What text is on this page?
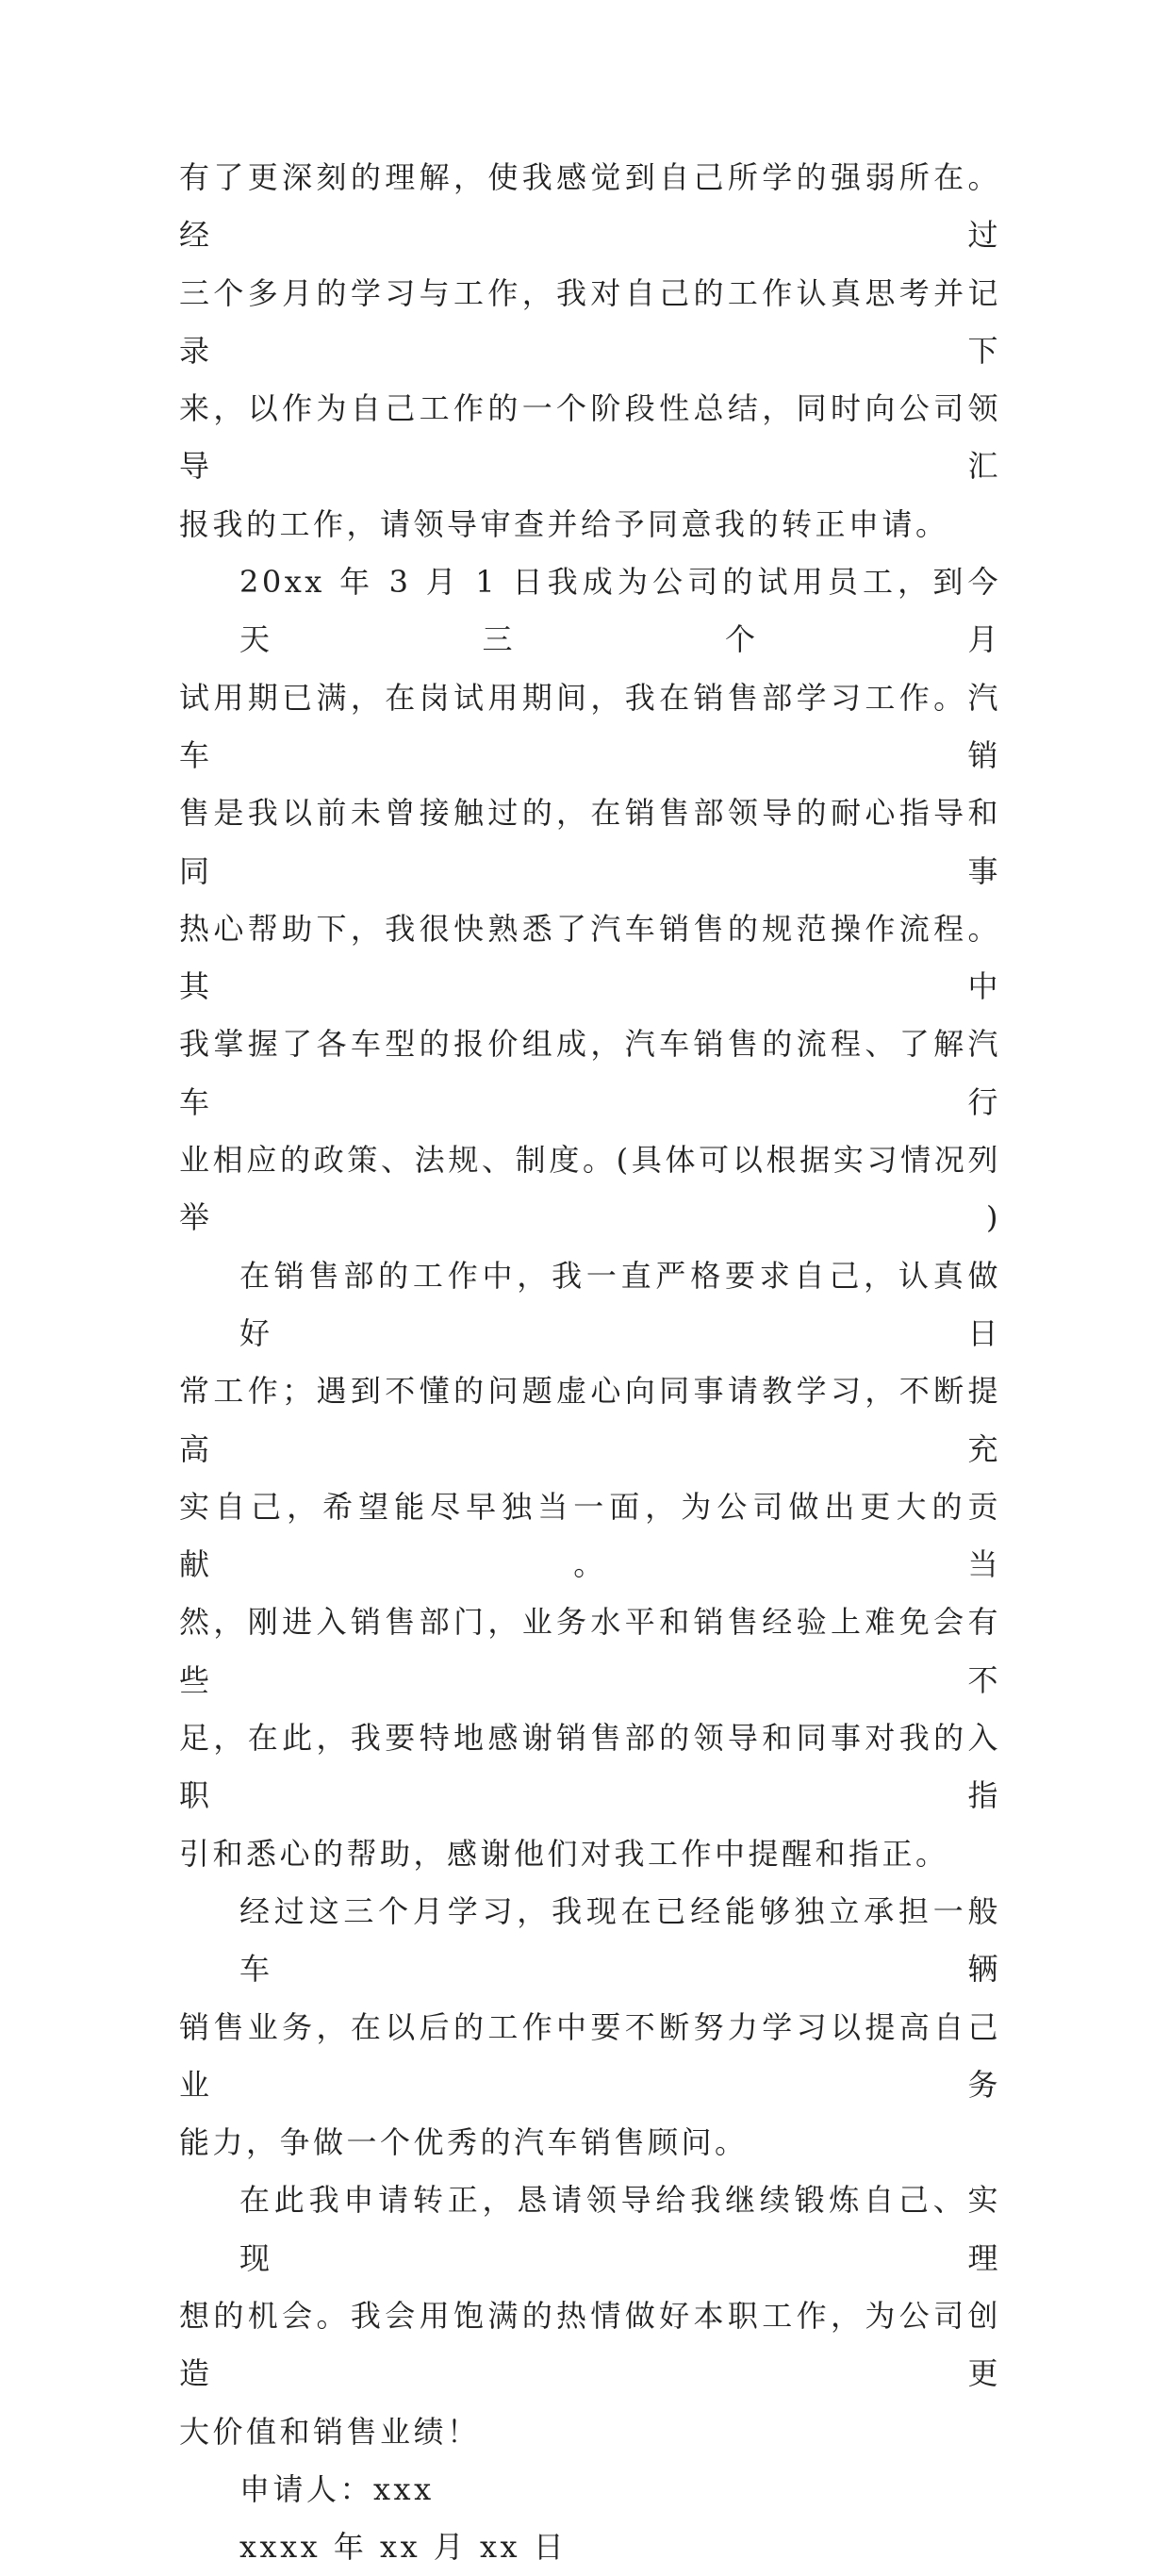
有了更深刻的理解，使我感觉到自己所学的强弱所在。经过
三个多月的学习与工作，我对自己的工作认真思考并记录下
来，以作为自己工作的一个阶段性总结，同时向公司领导汇
报我的工作，请领导审查并给予同意我的转正申请。

20xx 年 3 月 1 日我成为公司的试用员工，到今天三个月
试用期已满，在岗试用期间，我在销售部学习工作。汽车销
售是我以前未曾接触过的，在销售部领导的耐心指导和同事
热心帮助下，我很快熟悉了汽车销售的规范操作流程。其中
我掌握了各车型的报价组成，汽车销售的流程、了解汽车行
业相应的政策、法规、制度。(具体可以根据实习情况列举)

在销售部的工作中，我一直严格要求自己，认真做好日
常工作；遇到不懂的问题虚心向同事请教学习，不断提高充
实自己，希望能尽早独当一面，为公司做出更大的贡献。当
然，刚进入销售部门，业务水平和销售经验上难免会有些不
足，在此，我要特地感谢销售部的领导和同事对我的入职指
引和悉心的帮助，感谢他们对我工作中提醒和指正。

经过这三个月学习，我现在已经能够独立承担一般车辆
销售业务，在以后的工作中要不断努力学习以提高自己业务
能力，争做一个优秀的汽车销售顾问。

在此我申请转正，恳请领导给我继续锻炼自己、实现理
想的机会。我会用饱满的热情做好本职工作，为公司创造更
大价值和销售业绩！

申请人：xxx

xxxx 年 xx 月 xx 日
